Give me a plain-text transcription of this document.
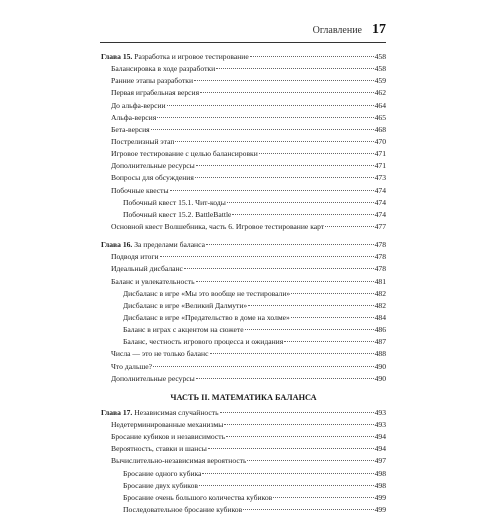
Оглавление 17
Глава 15. Разработка и игровое тестирование	458
Балансировка в ходе разработки	458
Ранние этапы разработки	459
Первая играбельная версия	462
До альфа-версии	464
Альфа-версия	465
Бета-версия	468
Пострелизный этап	470
Игровое тестирование с целью балансировки	471
Дополнительные ресурсы	471
Вопросы для обсуждения	473
Побочные квесты	474
Побочный квест 15.1. Чит-коды	474
Побочный квест 15.2. BattleBattle	474
Основной квест Волшебника, часть 6. Игровое тестирование карт	477
Глава 16. За пределами баланса	478
Подводя итоги	478
Идеальный дисбаланс	478
Баланс и увлекательность	481
Дисбаланс в игре «Мы это вообще не тестировали»	482
Дисбаланс в игре «Великий Далмути»	482
Дисбаланс в игре «Предательство в доме на холме»	484
Баланс в играх с акцентом на сюжете	486
Баланс, честность игрового процесса и ожидания	487
Числа — это не только баланс	488
Что дальше?	490
Дополнительные ресурсы	490
ЧАСТЬ II. МАТЕМАТИКА БАЛАНСА
Глава 17. Независимая случайность	493
Недетерминированные механизмы	493
Бросание кубиков и независимость	494
Вероятность, ставки и шансы	494
Вычислительно-независимая вероятность	497
Бросание одного кубика	498
Бросание двух кубиков	498
Бросание очень большого количества кубиков	499
Последовательное бросание кубиков	499
